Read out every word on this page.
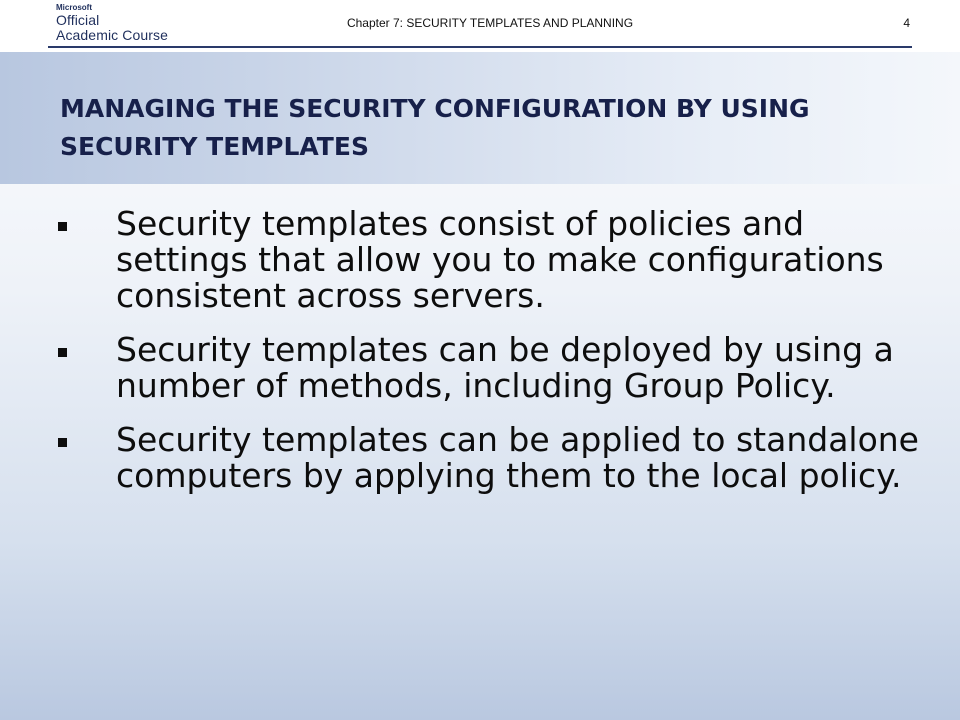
Microsoft
Official
Academic Course
Chapter 7: SECURITY TEMPLATES AND PLANNING	4
MANAGING THE SECURITY CONFIGURATION BY USING SECURITY TEMPLATES
Security templates consist of policies and settings that allow you to make configurations consistent across servers.
Security templates can be deployed by using a number of methods, including Group Policy.
Security templates can be applied to standalone computers by applying them to the local policy.
